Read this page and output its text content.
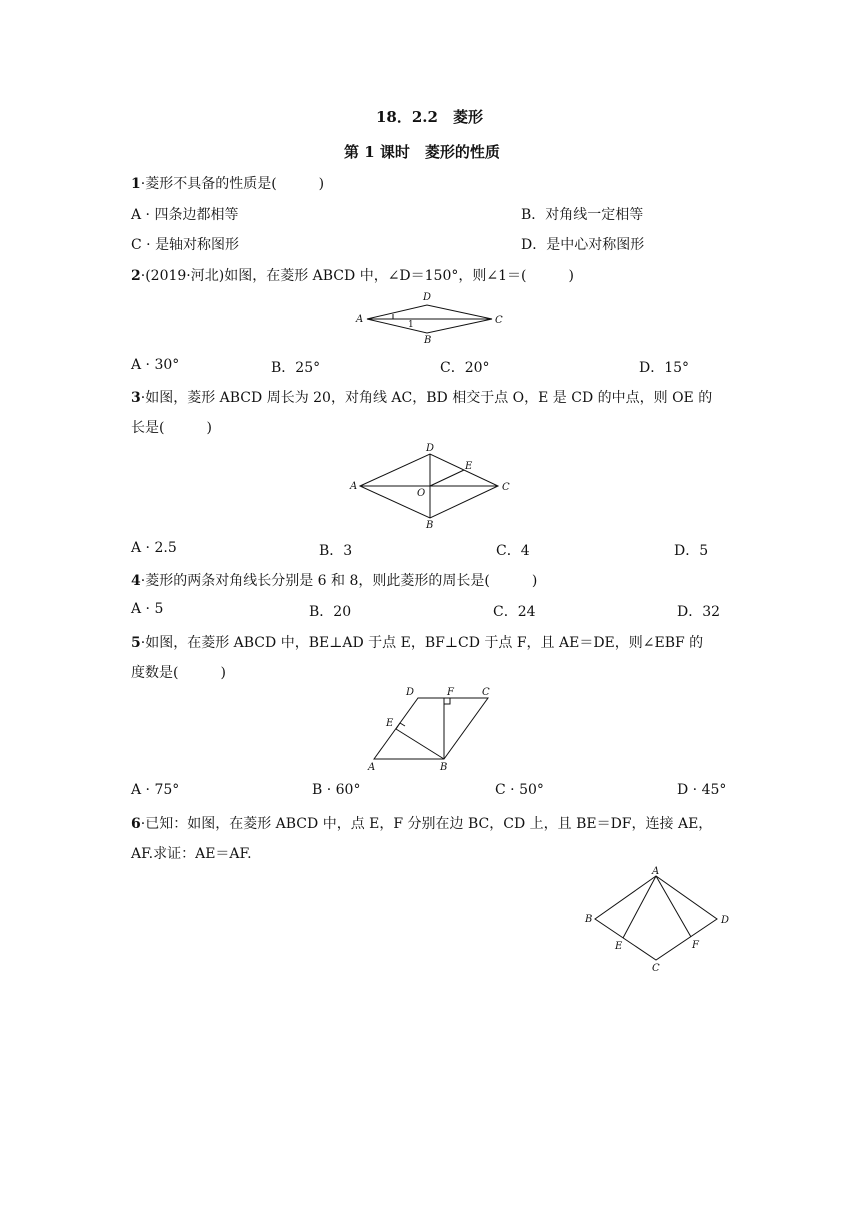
18．2.2　菱形
第 1 课时　菱形的性质
1·菱形不具备的性质是(　　　)
A · 四条边都相等	B．对角线一定相等
C · 是轴对称图形	D．是中心对称图形
2·(2019·河北)如图，在菱形 ABCD 中，∠D＝150°，则∠1＝(　　　)
A
B
C
D
1
A · 30°	B．25°	C．20°	D．15°
3·如图，菱形 ABCD 周长为 20，对角线 AC，BD 相交于点 O，E 是 CD 的中点，则 OE 的
长是(　　　)
A
B
C
D
O
E
A · 2.5	B．3	C．4	D．5
4·菱形的两条对角线长分别是 6 和 8，则此菱形的周长是(　　　)
A · 5	B．20	C．24	D．32
5·如图，在菱形 ABCD 中，BE⊥AD 于点 E，BF⊥CD 于点 F，且 AE＝DE，则∠EBF 的
度数是(　　　)
A	B
C
D
E
F
A · 75°	B · 60°	C · 50°	D · 45°
6·已知：如图，在菱形 ABCD 中，点 E，F 分别在边 BC，CD 上，且 BE＝DF，连接 AE，
AF.求证：AE＝AF.
A
B
C
D
E	F
